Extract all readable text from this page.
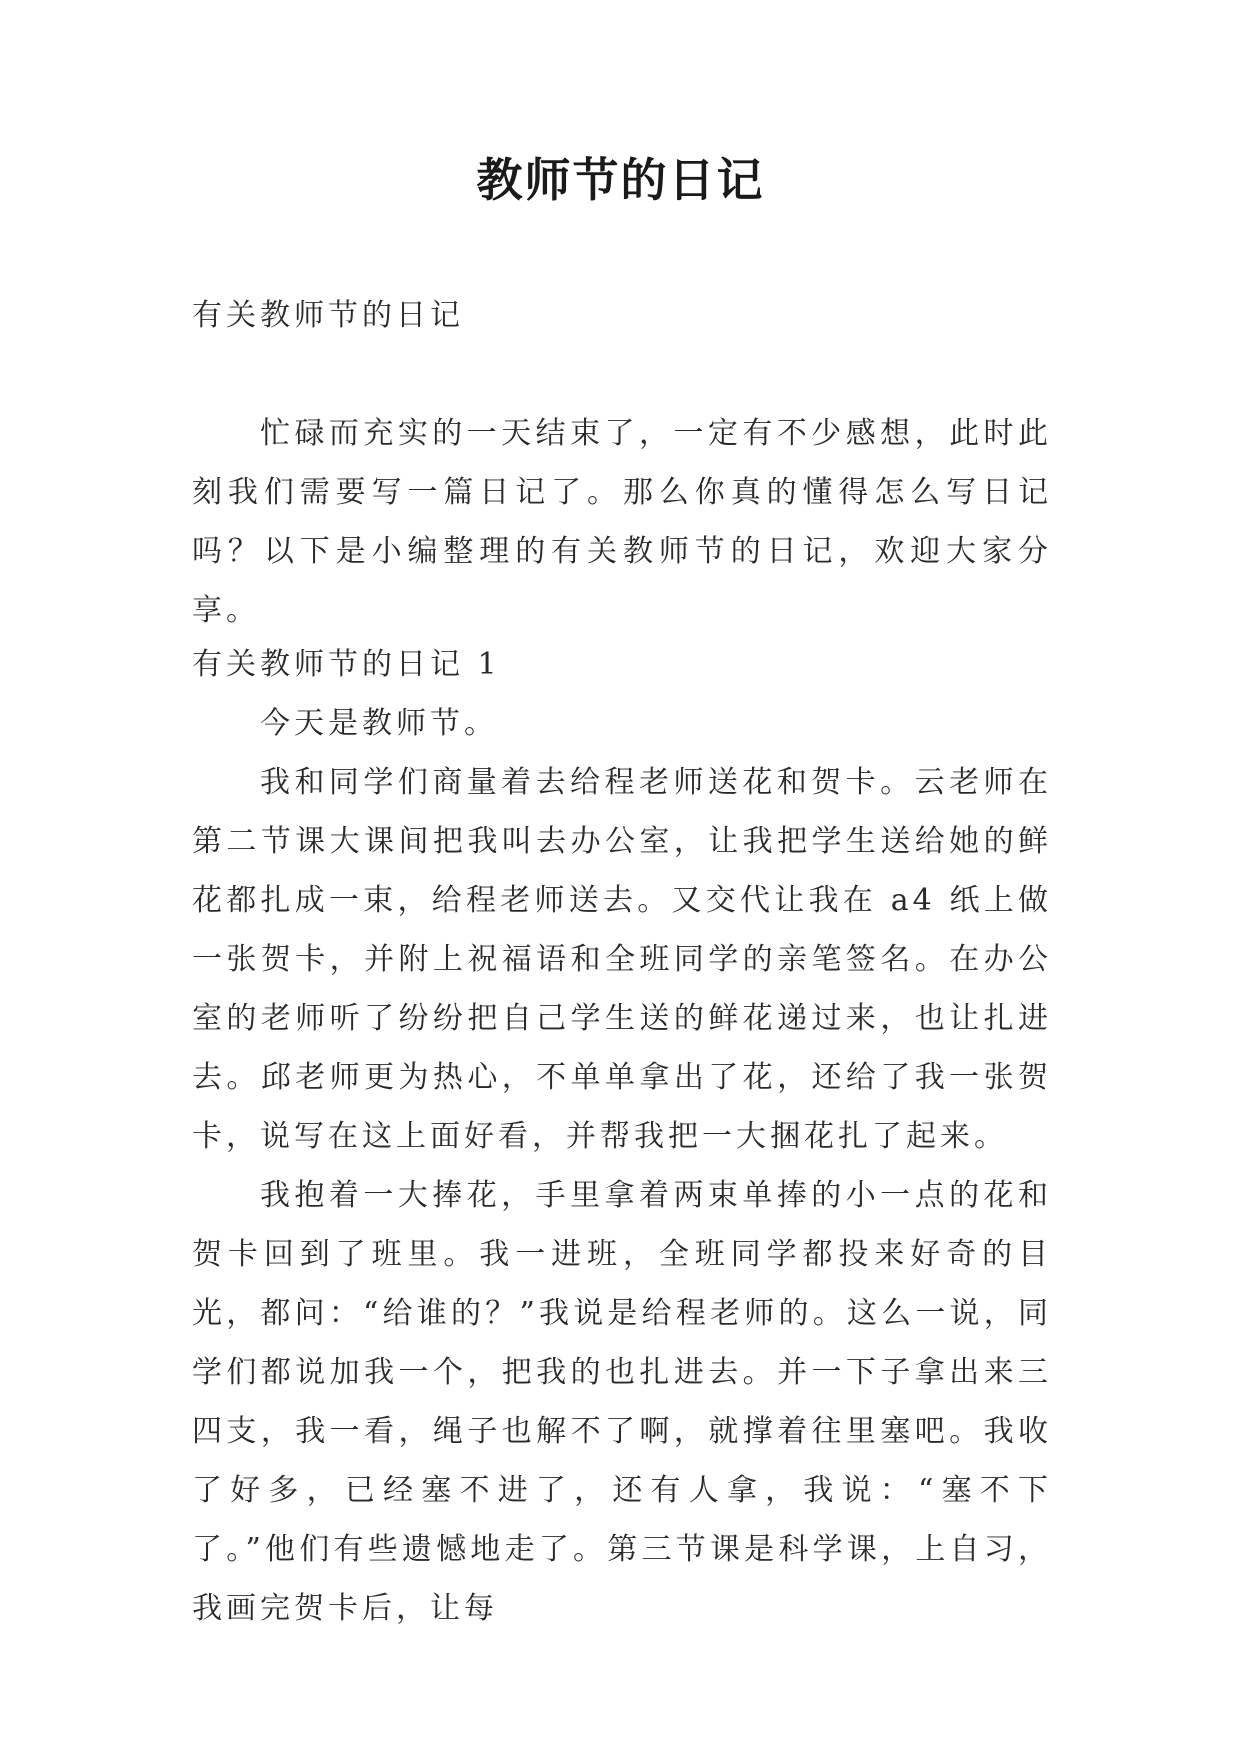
教师节的日记

有关教师节的日记

忙碌而充实的一天结束了，一定有不少感想，此时此刻我们需要写一篇日记了。那么你真的懂得怎么写日记吗？以下是小编整理的有关教师节的日记，欢迎大家分享。

有关教师节的日记 1

今天是教师节。

我和同学们商量着去给程老师送花和贺卡。云老师在第二节课大课间把我叫去办公室，让我把学生送给她的鲜花都扎成一束，给程老师送去。又交代让我在 a4 纸上做一张贺卡，并附上祝福语和全班同学的亲笔签名。在办公室的老师听了纷纷把自己学生送的鲜花递过来，也让扎进去。邱老师更为热心，不单单拿出了花，还给了我一张贺卡，说写在这上面好看，并帮我把一大捆花扎了起来。

我抱着一大捧花，手里拿着两束单捧的小一点的花和贺卡回到了班里。我一进班，全班同学都投来好奇的目光，都问：“给谁的？”我说是给程老师的。这么一说，同学们都说加我一个，把我的也扎进去。并一下子拿出来三四支，我一看，绳子也解不了啊，就撑着往里塞吧。我收了好多，已经塞不进了，还有人拿，我说：“塞不下了。”他们有些遗憾地走了。第三节课是科学课，上自习，我画完贺卡后，让每
